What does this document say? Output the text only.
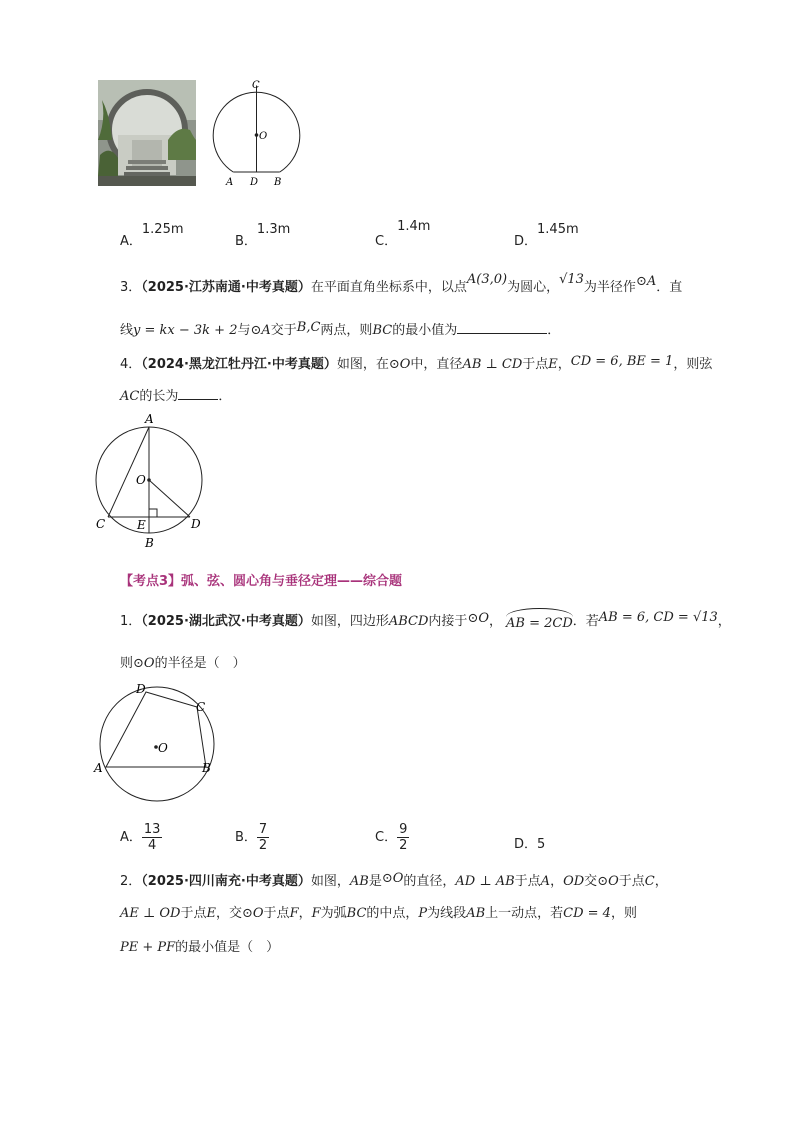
C
O
A D B
A．1.25m
B．1.3m
C．1.4m
D．1.45m
3．（2025·江苏南通·中考真题）在平面直角坐标系中，以点A(3,0)为圆心，√13为半径作⊙A．直
线y = kx − 3k + 2与⊙A交于B,C两点，则BC的最小值为	．
4．（2024·黑龙江牡丹江·中考真题）如图，在⊙O中，直径AB ⊥ CD于点E，CD = 6, BE = 1，则弦
AC的长为	．
A
O
C	E	D
B
【考点3】弧、弦、圆心角与垂径定理——综合题
1．（2025·湖北武汉·中考真题）如图，四边形ABCD内接于⊙O， AB = 2CD．若AB = 6, CD = √13，
则⊙O的半径是（　）
D
C
O
A	B
A． $\frac{13}{4}$	B． $\frac{7}{2}$	C． $\frac{9}{2}$	D．5
2．（2025·四川南充·中考真题）如图，AB是⊙O的直径，AD ⊥ AB于点A，OD交⊙O于点C，
AE ⊥ OD于点E，交⊙O于点F，F为弧BC的中点，P为线段AB上一动点，若CD = 4，则
PE + PF的最小值是（　）
